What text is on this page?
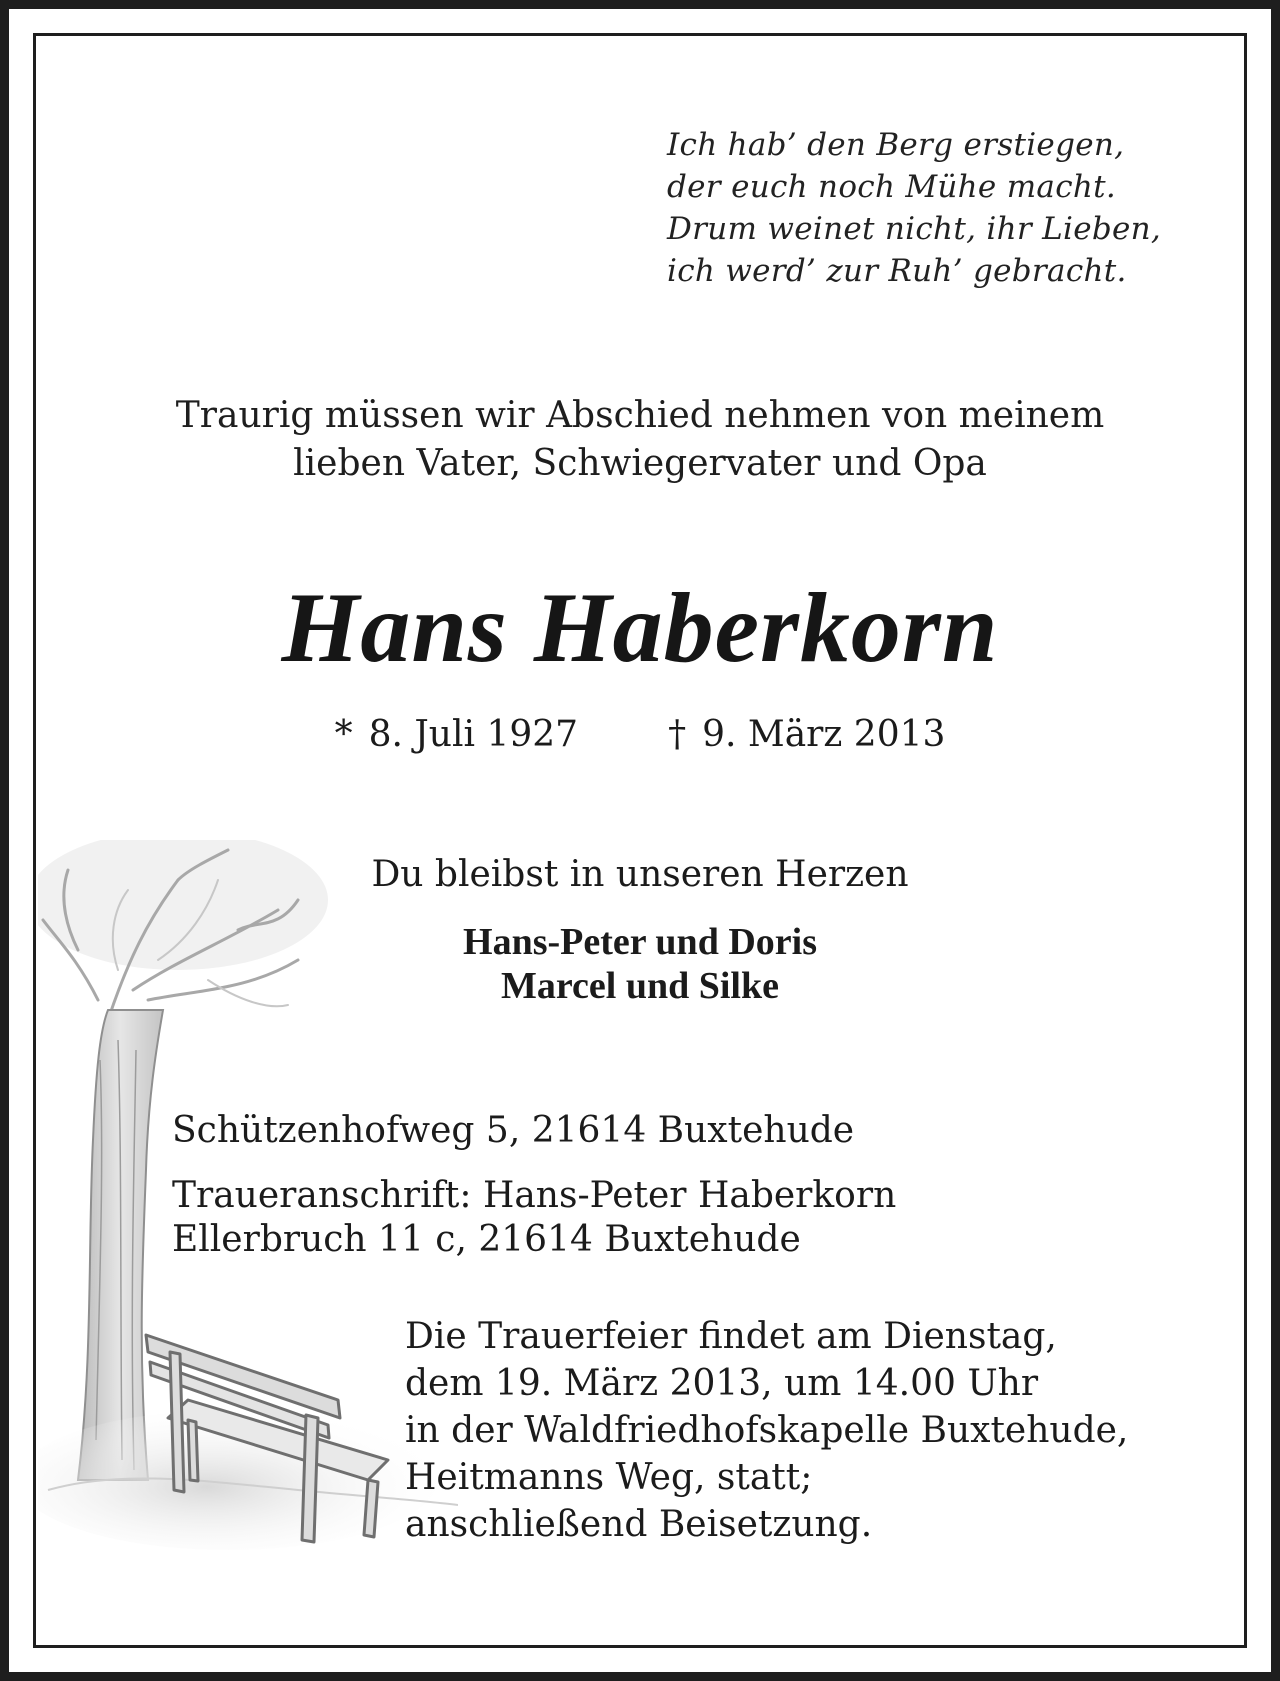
Ich hab’ den Berg erstiegen,
der euch noch Mühe macht.
Drum weinet nicht, ihr Lieben,
ich werd’ zur Ruh’ gebracht.
Traurig müssen wir Abschied nehmen von meinem
lieben Vater, Schwiegervater und Opa
Hans Haberkorn
* 8. Juli 1927	† 9. März 2013
Du bleibst in unseren Herzen
Hans-Peter und Doris
Marcel und Silke
Schützenhofweg 5, 21614 Buxtehude
Traueranschrift: Hans-Peter Haberkorn
Ellerbruch 11 c, 21614 Buxtehude
Die Trauerfeier findet am Dienstag,
dem 19. März 2013, um 14.00 Uhr
in der Waldfriedhofskapelle Buxtehude,
Heitmanns Weg, statt;
anschließend Beisetzung.
